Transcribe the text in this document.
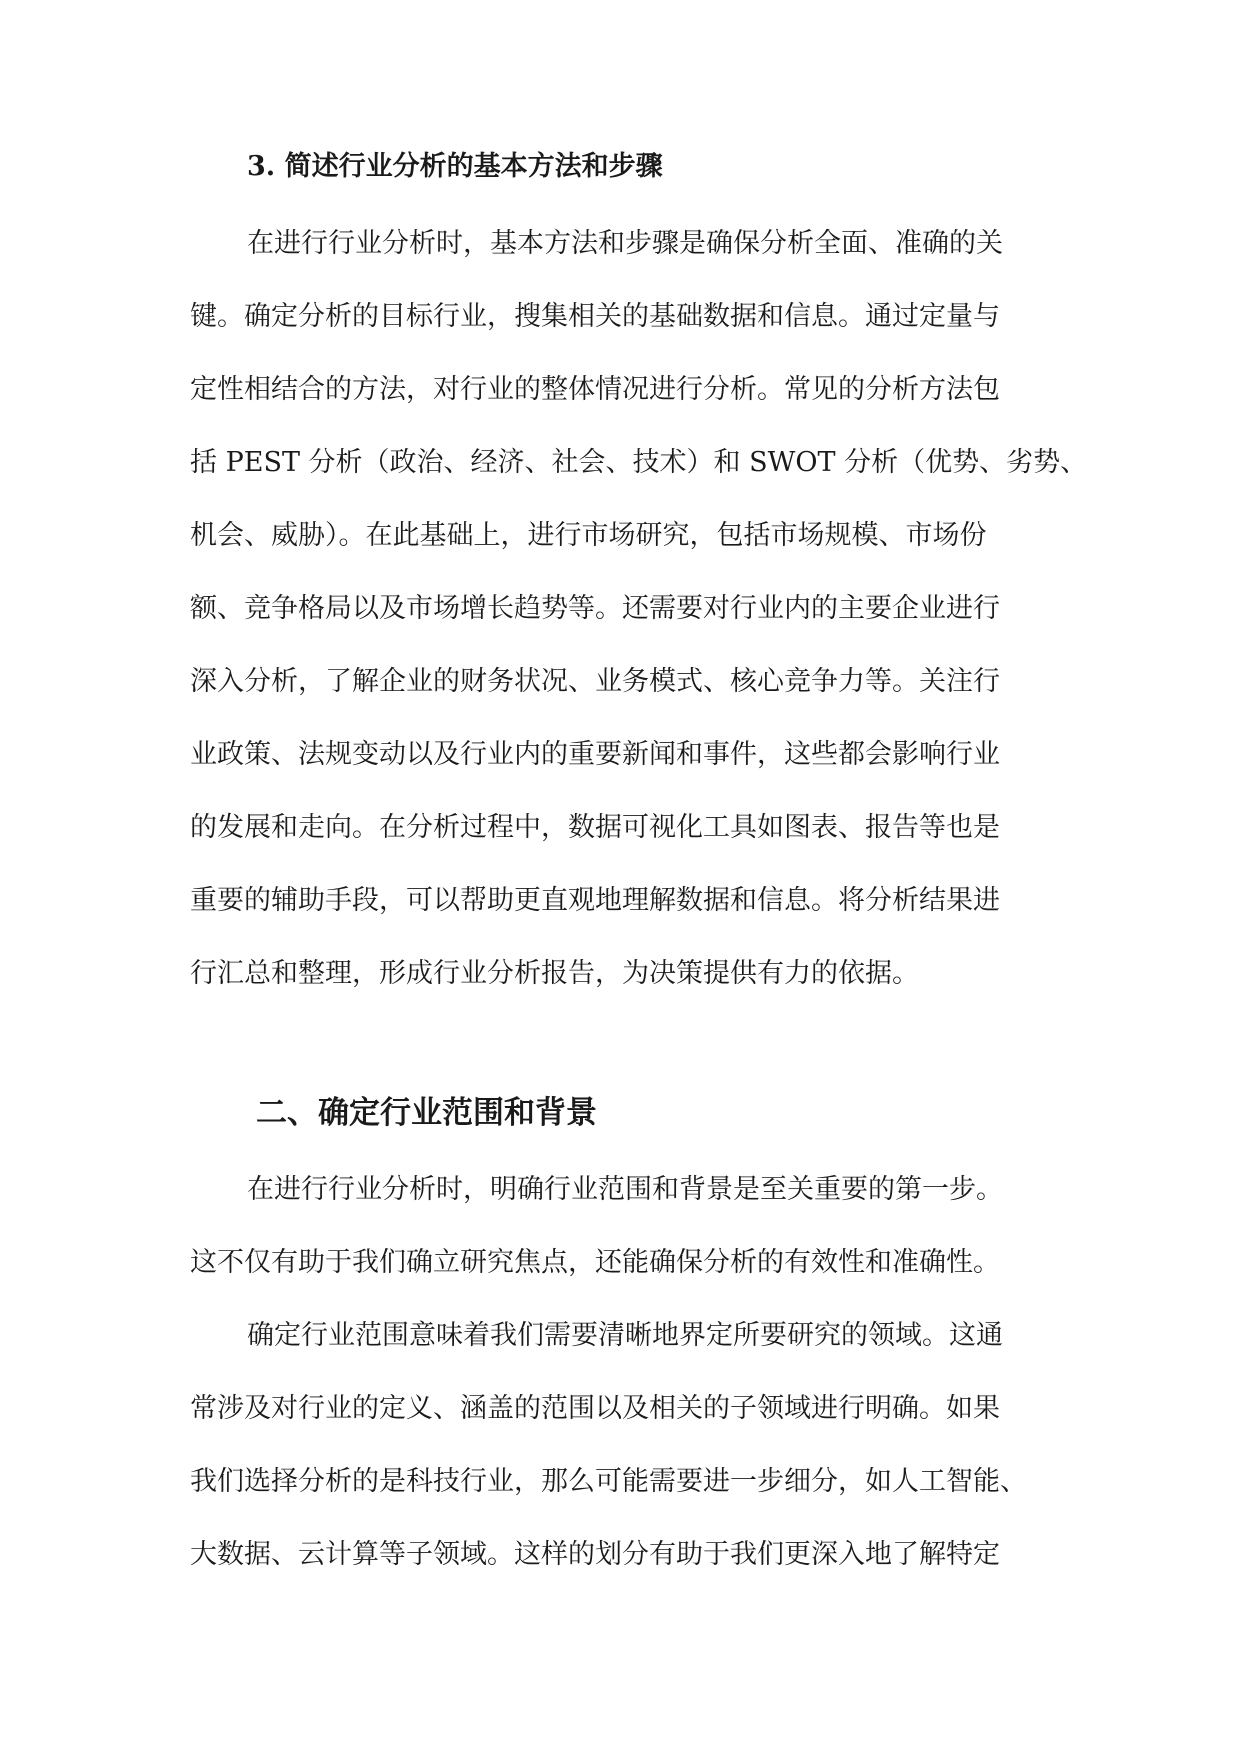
3. 简述行业分析的基本方法和步骤
在进行行业分析时，基本方法和步骤是确保分析全面、准确的关
键。确定分析的目标行业，搜集相关的基础数据和信息。通过定量与
定性相结合的方法，对行业的整体情况进行分析。常见的分析方法包
括 PEST 分析（政治、经济、社会、技术）和 SWOT 分析（优势、劣势、
机会、威胁）。在此基础上，进行市场研究，包括市场规模、市场份
额、竞争格局以及市场增长趋势等。还需要对行业内的主要企业进行
深入分析，了解企业的财务状况、业务模式、核心竞争力等。关注行
业政策、法规变动以及行业内的重要新闻和事件，这些都会影响行业
的发展和走向。在分析过程中，数据可视化工具如图表、报告等也是
重要的辅助手段，可以帮助更直观地理解数据和信息。将分析结果进
行汇总和整理，形成行业分析报告，为决策提供有力的依据。
二、确定行业范围和背景
在进行行业分析时，明确行业范围和背景是至关重要的第一步。
这不仅有助于我们确立研究焦点，还能确保分析的有效性和准确性。
确定行业范围意味着我们需要清晰地界定所要研究的领域。这通
常涉及对行业的定义、涵盖的范围以及相关的子领域进行明确。如果
我们选择分析的是科技行业，那么可能需要进一步细分，如人工智能、
大数据、云计算等子领域。这样的划分有助于我们更深入地了解特定
